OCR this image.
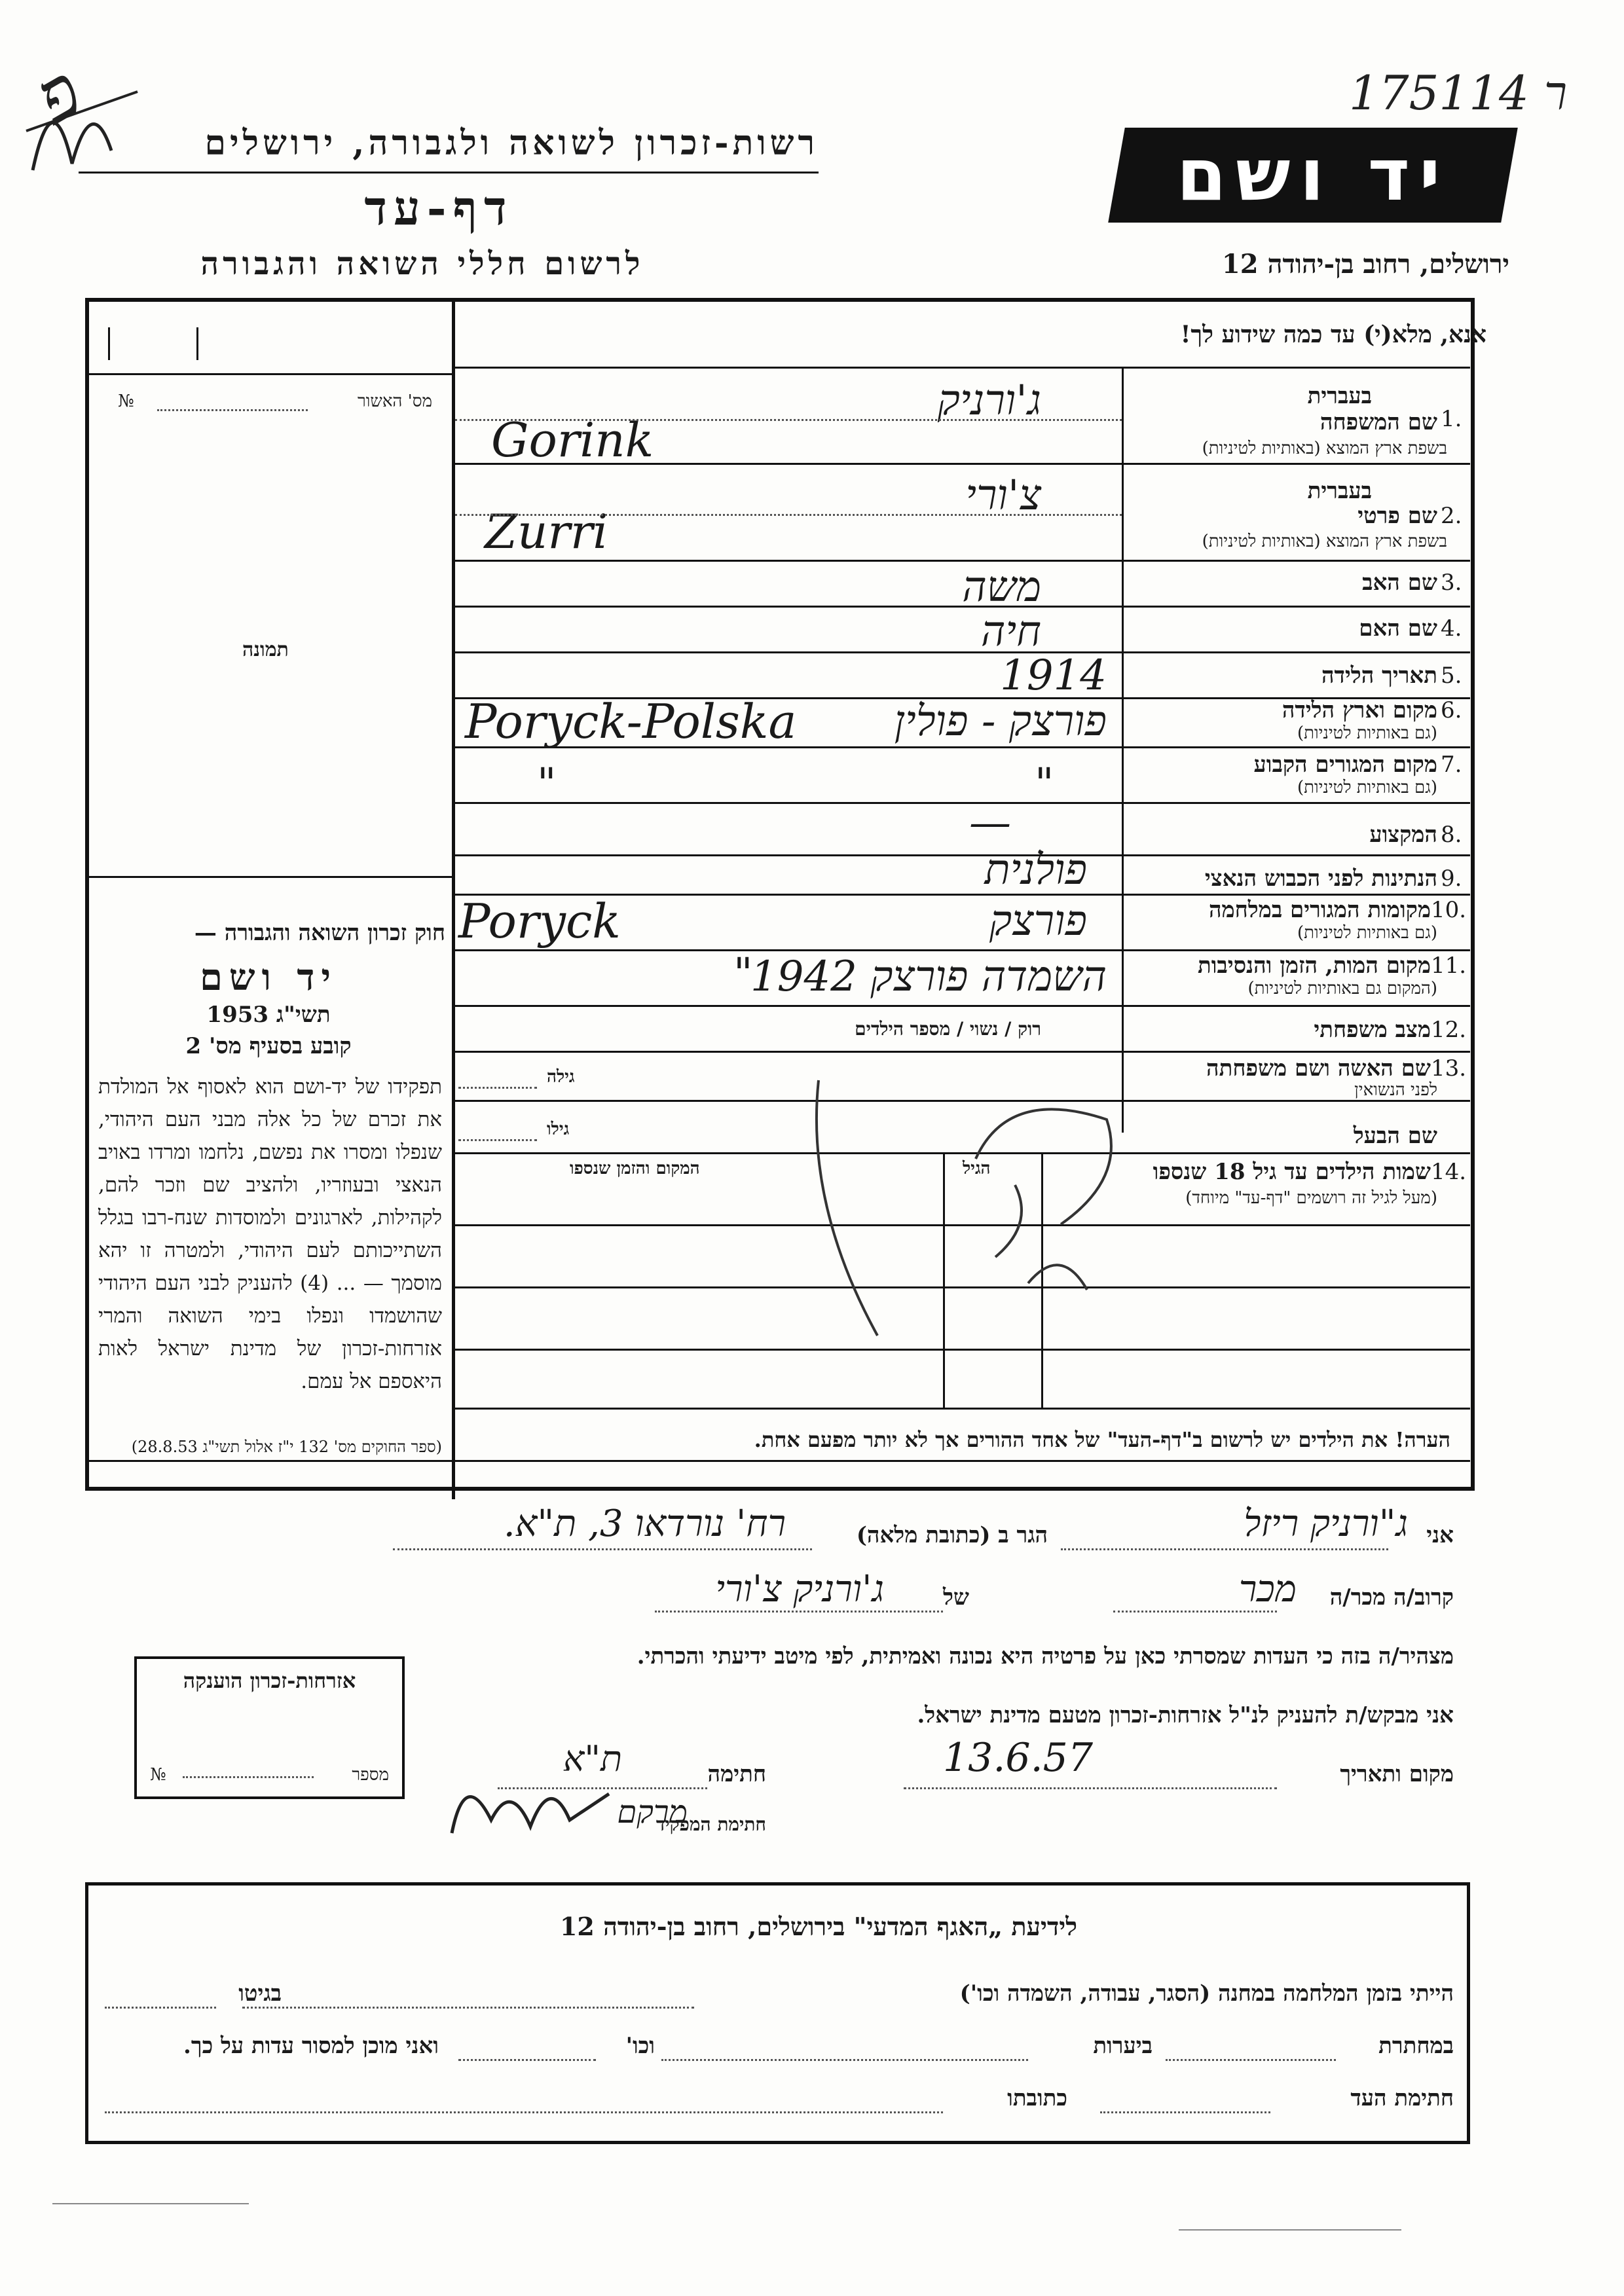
ר 175114
פ
רשות-זכרון לשואה ולגבורה, ירושלים
דף-עד
לרשום חללי השואה והגבורה
יד ושם
ירושלים, רחוב בן-יהודה 12
אנא, מלא(י) עד כמה שידוע לך!
מס' האשור
№
תמונה
1.
בעברית
שם המשפחה
בשפת ארץ המוצא (באותיות לטיניות)
ג'ורניק
Gorink
2.
בעברית
שם פרטי
בשפת ארץ המוצא (באותיות לטיניות)
צ'ורי
Zurri
3.
שם האב
משה
4.
שם האם
חיה
5.
תאריך הלידה
1914
6.
מקום וארץ הלידה
(גם באותיות לטיניות)
Poryck-Polska פורצק - פולין
7.
מקום המגורים הקבוע
(גם באותיות לטיניות)
"	"
8.
המקצוע
—
9.
הנתינות לפני הכבוש הנאצי
פולנית
10.
מקומות המגורים במלחמה
(גם באותיות לטיניות)
Poryck	פורצק
11.
מקום המות, הזמן והנסיבות
(המקום גם באותיות לטיניות)
השמדה פורצק 1942
"
12.
מצב משפחתי
רוק / נשוי / מספר הילדים
13.
שם האשה ושם משפחתה
לפני הנשואין
גילה
שם הבעל
גילו
14.
שמות הילדים עד גיל 18 שנספו
(מעל לגיל זה רושמים "דף-עד" מיוחד)
הגיל
המקום והזמן שנספו
חוק זכרון השואה והגבורה —
יד ושם
תשי"ג 1953
קובע בסעיף מס' 2
תפקידו של יד-ושם הוא לאסוף אל המולדת את זכרם של כל אלה מבני העם היהודי, שנפלו ומסרו את נפשם, נלחמו ומרדו באויב הנאצי ובעוזריו, ולהציב שם וזכר להם, לקהילות, לארגונים ולמוסדות שנח-רבו בגלל השתייכותם לעם היהודי, ולמטרה זו יהא מוסמך — ... (4) להעניק לבני העם היהודי שהושמדו ונפלו בימי השואה והמרי אזרחות-זכרון של מדינת ישראל לאות היאספם אל עמם.
(ספר החוקים מס' 132 י"ז אלול תשי"ג 28.8.53)	הערה! את הילדים יש לרשום ב"דף-העד" של אחד ההורים אך לא יותר מפעם אחת.
אני
ג"ורניק ריזל
הגר ב (כתובת מלאה)
רח' נורדאו 3, ת"א.
קרוב/ה מכר/ה
מכר
של
ג'ורניק צ'ורי
מצהיר/ה בזה כי העדות שמסרתי כאן על פרטיה היא נכונה ואמיתית, לפי מיטב ידיעתי והכרתי.
אני מבקש/ת להעניק לנ"ל אזרחות-זכרון מטעם מדינת ישראל.
מקום ותאריך
13.6.57
חתימה
ת"א
חתימת המפקיד
מרקם
אזרחות-זכרון הוענקה
מספר
№
לידיעת „האגף המדעי" בירושלים, רחוב בן-יהודה 12
הייתי בזמן המלחמה במחנה (הסגר, עבודה, השמדה וכו')
בגיטו
במחתרת
ביערות
וכו'
ואני מוכן למסור עדות על כך.
חתימת העד
כתובתו
